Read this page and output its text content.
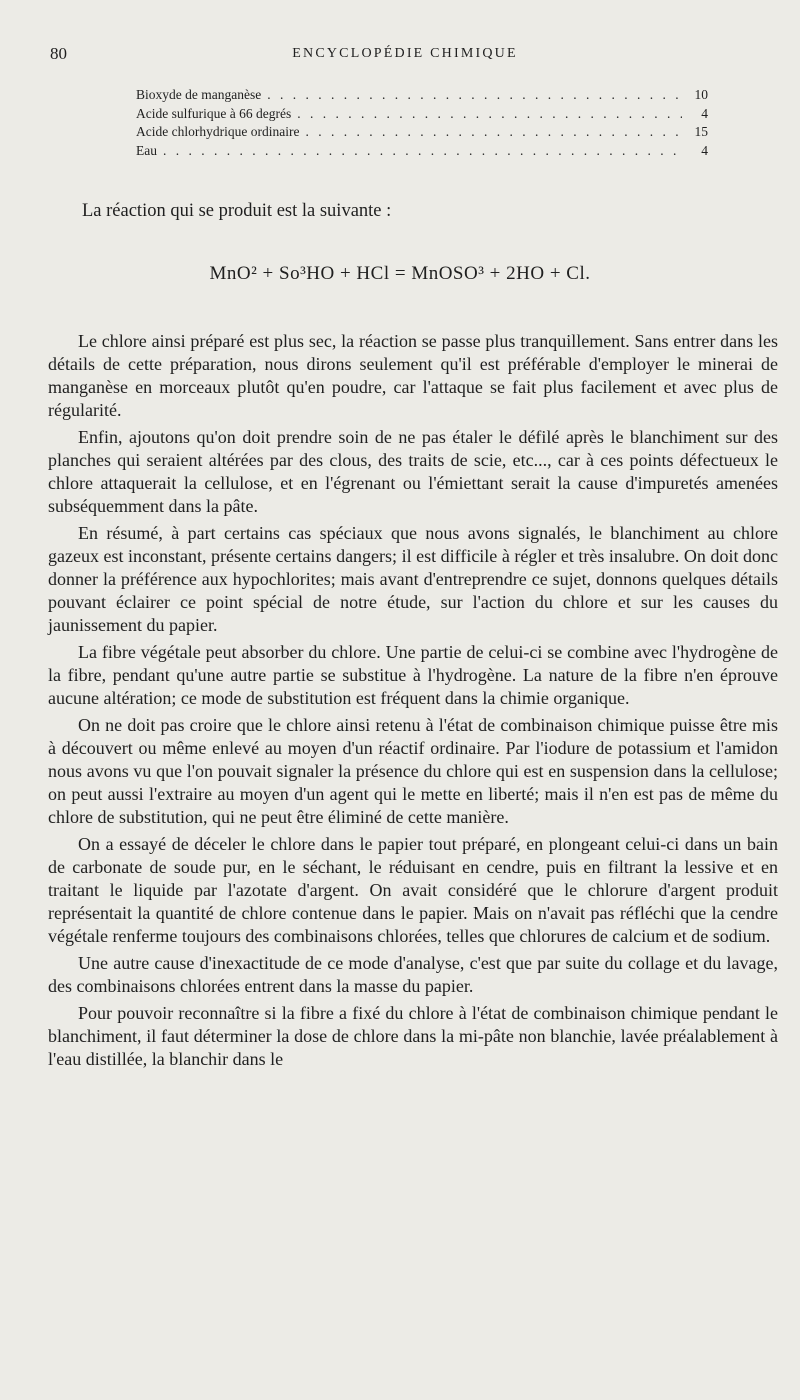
80	ENCYCLOPÉDIE CHIMIQUE
Bioxyde de manganèse . . .	10
Acide sulfurique à 66 degrés . . .	4
Acide chlorhydrique ordinaire . . .	15
Eau . . .	4
La réaction qui se produit est la suivante :
MnO² + So³HO + HCl = MnOSO³ + 2HO + Cl.

Le chlore ainsi préparé est plus sec, la réaction se passe plus tranquillement. Sans entrer dans les détails de cette préparation, nous dirons seulement qu'il est préférable d'employer le minerai de manganèse en morceaux plutôt qu'en poudre, car l'attaque se fait plus facilement et avec plus de régularité.

Enfin, ajoutons qu'on doit prendre soin de ne pas étaler le défilé après le blanchiment sur des planches qui seraient altérées par des clous, des traits de scie, etc..., car à ces points défectueux le chlore attaquerait la cellulose, et en l'égrenant ou l'émiettant serait la cause d'impuretés amenées subséquemment dans la pâte.

En résumé, à part certains cas spéciaux que nous avons signalés, le blanchiment au chlore gazeux est inconstant, présente certains dangers; il est difficile à régler et très insalubre. On doit donc donner la préférence aux hypochlorites; mais avant d'entreprendre ce sujet, donnons quelques détails pouvant éclairer ce point spécial de notre étude, sur l'action du chlore et sur les causes du jaunissement du papier.

La fibre végétale peut absorber du chlore. Une partie de celui-ci se combine avec l'hydrogène de la fibre, pendant qu'une autre partie se substitue à l'hydrogène. La nature de la fibre n'en éprouve aucune altération; ce mode de substitution est fréquent dans la chimie organique.

On ne doit pas croire que le chlore ainsi retenu à l'état de combinaison chimique puisse être mis à découvert ou même enlevé au moyen d'un réactif ordinaire. Par l'iodure de potassium et l'amidon nous avons vu que l'on pouvait signaler la présence du chlore qui est en suspension dans la cellulose; on peut aussi l'extraire au moyen d'un agent qui le mette en liberté; mais il n'en est pas de même du chlore de substitution, qui ne peut être éliminé de cette manière.

On a essayé de déceler le chlore dans le papier tout préparé, en plongeant celui-ci dans un bain de carbonate de soude pur, en le séchant, le réduisant en cendre, puis en filtrant la lessive et en traitant le liquide par l'azotate d'argent. On avait considéré que le chlorure d'argent produit représentait la quantité de chlore contenue dans le papier. Mais on n'avait pas réfléchi que la cendre végétale renferme toujours des combinaisons chlorées, telles que chlorures de calcium et de sodium.

Une autre cause d'inexactitude de ce mode d'analyse, c'est que par suite du collage et du lavage, des combinaisons chlorées entrent dans la masse du papier.

Pour pouvoir reconnaître si la fibre a fixé du chlore à l'état de combinaison chimique pendant le blanchiment, il faut déterminer la dose de chlore dans la mi-pâte non blanchie, lavée préalablement à l'eau distillée, la blanchir dans le
